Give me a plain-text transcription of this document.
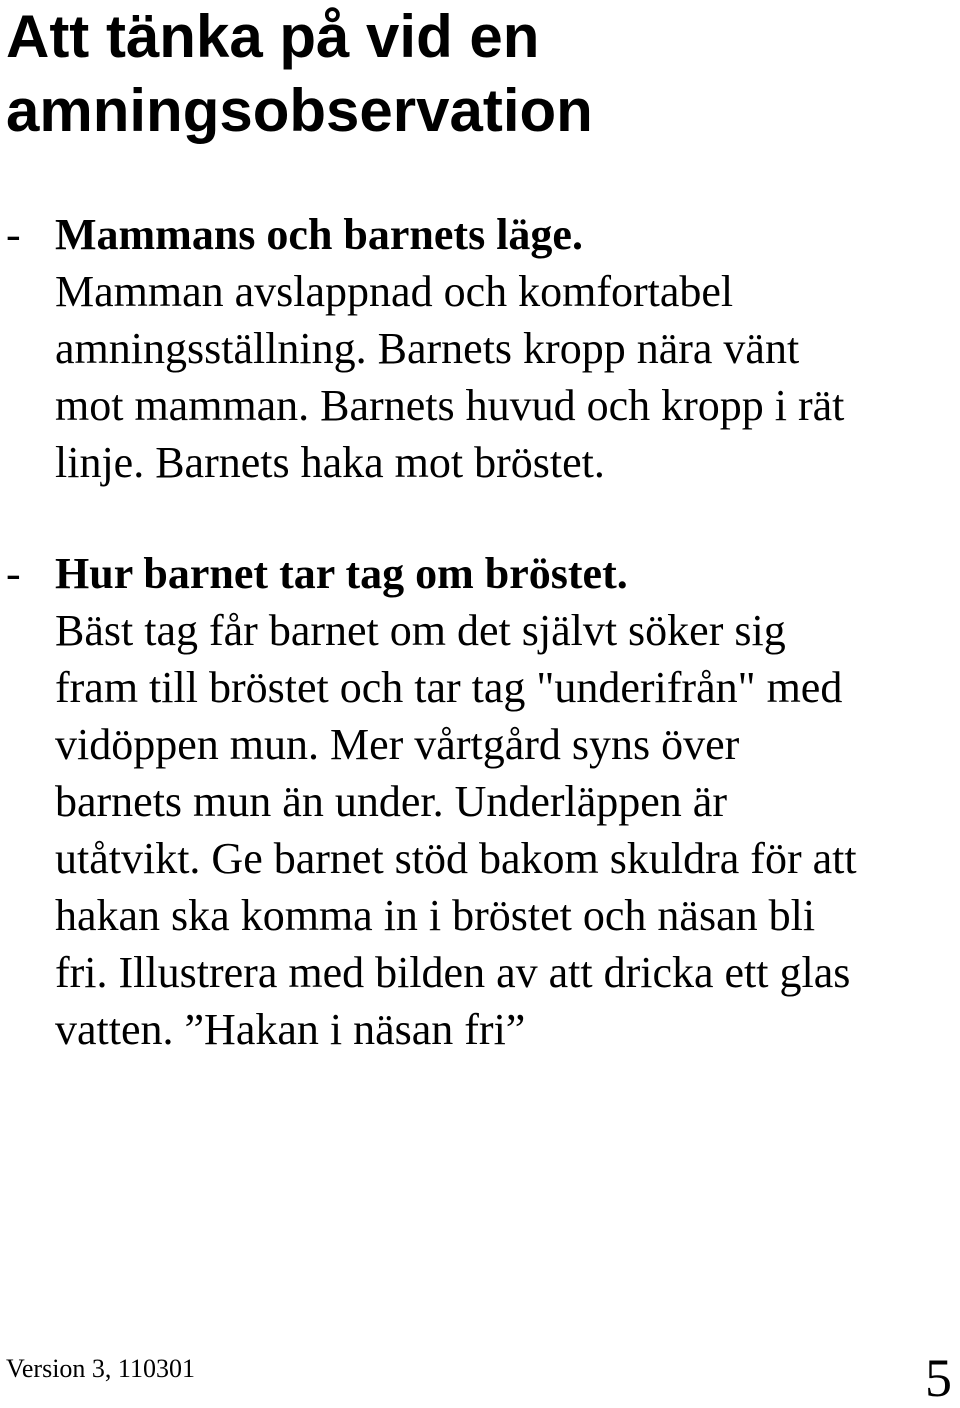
Att tänka på vid en
amningsobservation
- Mammans och barnets läge.
Mamman avslappnad och komfortabel
amningsställning. Barnets kropp nära vänt
mot mamman. Barnets huvud och kropp i rät
linje. Barnets haka mot bröstet.
- Hur barnet tar tag om bröstet.
Bäst tag får barnet om det självt söker sig
fram till bröstet och tar tag "underifrån" med
vidöppen mun. Mer vårtgård syns över
barnets mun än under. Underläppen är
utåtvikt. Ge barnet stöd bakom skuldra för att
hakan ska komma in i bröstet och näsan bli
fri. Illustrera med bilden av att dricka ett glas
vatten. ”Hakan i näsan fri”
Version 3, 110301	5
